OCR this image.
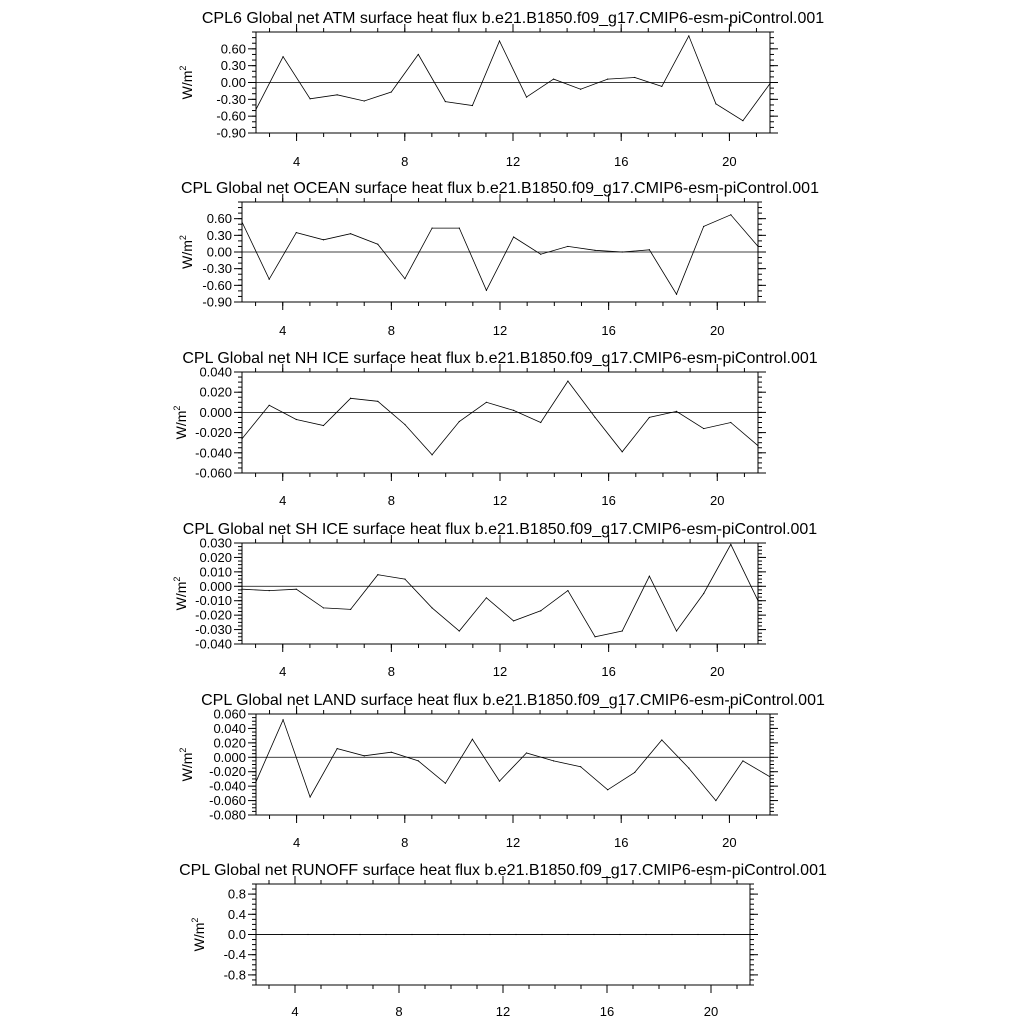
CPL6 Global net ATM surface heat flux b.e21.B1850.f09_g17.CMIP6-esm-piControl.001
-0.90
-0.60
-0.30
0.00
0.30
0.60
4	8	12	16	20
$W/m^2$
CPL Global net OCEAN surface heat flux b.e21.B1850.f09_g17.CMIP6-esm-piControl.001
-0.90
-0.60
-0.30
0.00
0.30
0.60
4	8	12	16	20
$W/m^2$
CPL Global net NH ICE surface heat flux b.e21.B1850.f09_g17.CMIP6-esm-piControl.001
-0.060
-0.040
-0.020
0.000
0.020
0.040
4	8	12	16	20
$W/m^2$
CPL Global net SH ICE surface heat flux b.e21.B1850.f09_g17.CMIP6-esm-piControl.001
-0.040
-0.030
-0.020
-0.010
0.000
0.010
0.020
0.030
4	8	12	16	20
$W/m^2$
CPL Global net LAND surface heat flux b.e21.B1850.f09_g17.CMIP6-esm-piControl.001
-0.080
-0.060
-0.040
-0.020
0.000
0.020
0.040
0.060
4	8	12	16	20
$W/m^2$
CPL Global net RUNOFF surface heat flux b.e21.B1850.f09_g17.CMIP6-esm-piControl.001
-0.8
-0.4
0.0
0.4
0.8
4	8	12	16	20
$W/m^2$
